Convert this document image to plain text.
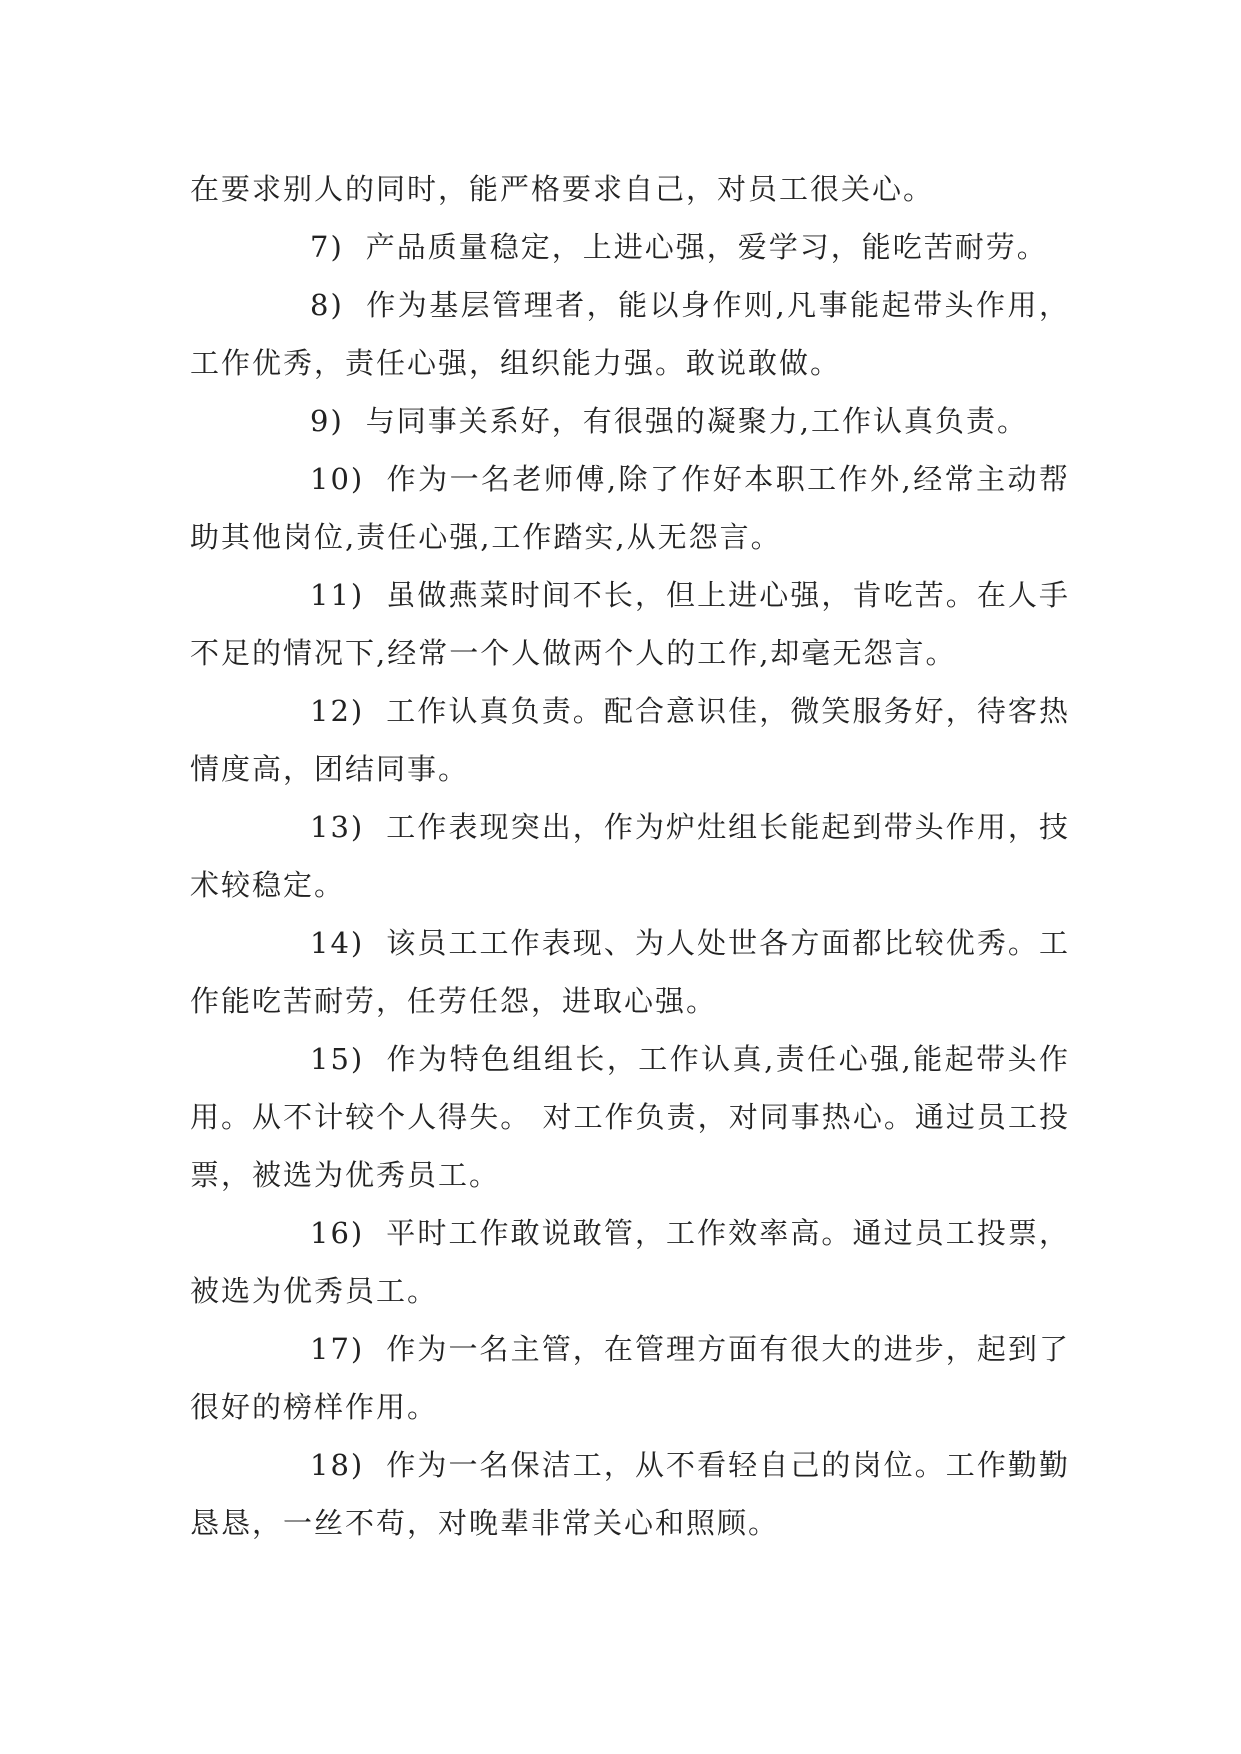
在要求别人的同时，能严格要求自己，对员工很关心。

7) 产品质量稳定，上进心强，爱学习，能吃苦耐劳。

8) 作为基层管理者，能以身作则,凡事能起带头作用，工作优秀，责任心强，组织能力强。敢说敢做。

9) 与同事关系好，有很强的凝聚力,工作认真负责。

10) 作为一名老师傅,除了作好本职工作外,经常主动帮助其他岗位,责任心强,工作踏实,从无怨言。

11) 虽做燕菜时间不长，但上进心强，肯吃苦。在人手不足的情况下,经常一个人做两个人的工作,却毫无怨言。

12) 工作认真负责。配合意识佳，微笑服务好，待客热情度高，团结同事。

13) 工作表现突出，作为炉灶组长能起到带头作用，技术较稳定。

14) 该员工工作表现、为人处世各方面都比较优秀。工作能吃苦耐劳，任劳任怨，进取心强。

15) 作为特色组组长，工作认真,责任心强,能起带头作用。从不计较个人得失。 对工作负责，对同事热心。通过员工投票，被选为优秀员工。

16) 平时工作敢说敢管，工作效率高。通过员工投票，被选为优秀员工。

17) 作为一名主管，在管理方面有很大的进步，起到了很好的榜样作用。

18) 作为一名保洁工，从不看轻自己的岗位。工作勤勤恳恳，一丝不苟，对晚辈非常关心和照顾。
